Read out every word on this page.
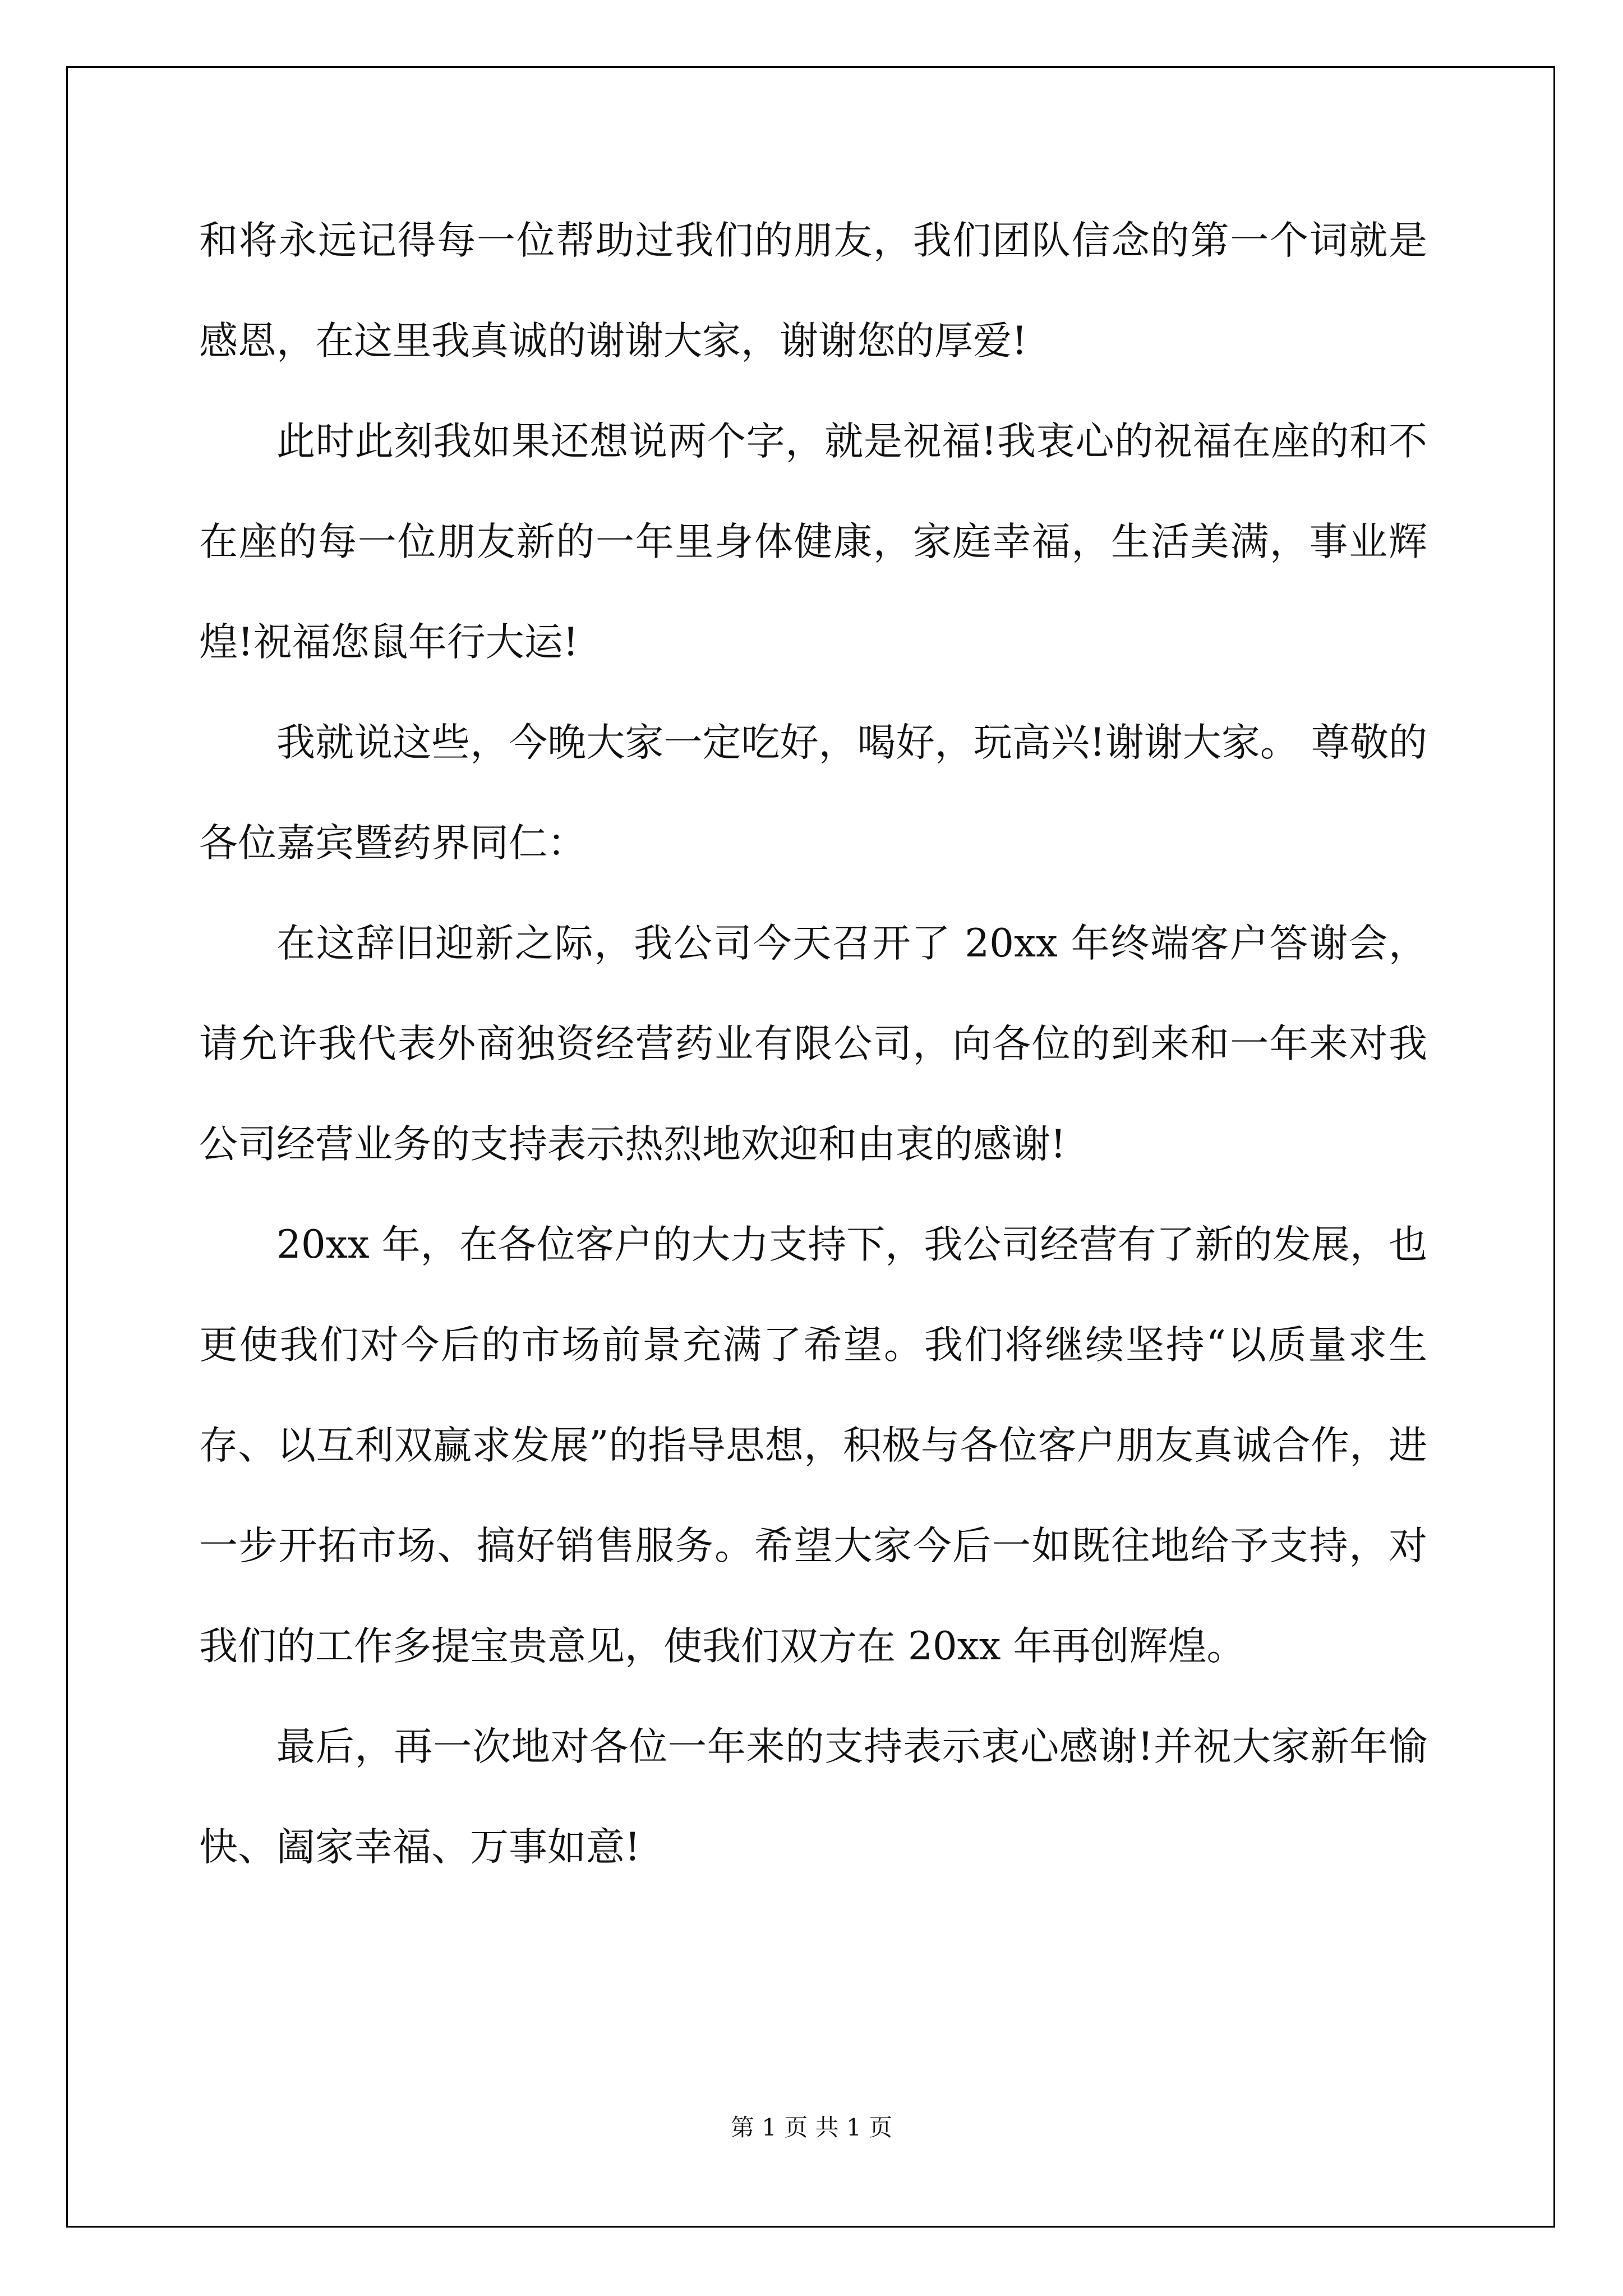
和将永远记得每一位帮助过我们的朋友，我们团队信念的第一个词就是感恩，在这里我真诚的谢谢大家，谢谢您的厚爱!

此时此刻我如果还想说两个字，就是祝福!我衷心的祝福在座的和不在座的每一位朋友新的一年里身体健康，家庭幸福，生活美满，事业辉煌!祝福您鼠年行大运!

我就说这些，今晚大家一定吃好，喝好，玩高兴!谢谢大家。 尊敬的各位嘉宾暨药界同仁：

在这辞旧迎新之际，我公司今天召开了 20xx 年终端客户答谢会，请允许我代表外商独资经营药业有限公司，向各位的到来和一年来对我公司经营业务的支持表示热烈地欢迎和由衷的感谢!

20xx 年，在各位客户的大力支持下，我公司经营有了新的发展，也更使我们对今后的市场前景充满了希望。我们将继续坚持“以质量求生存、以互利双赢求发展”的指导思想，积极与各位客户朋友真诚合作，进一步开拓市场、搞好销售服务。希望大家今后一如既往地给予支持，对我们的工作多提宝贵意见，使我们双方在 20xx 年再创辉煌。

最后，再一次地对各位一年来的支持表示衷心感谢!并祝大家新年愉快、阖家幸福、万事如意!

第 1 页 共 1 页
